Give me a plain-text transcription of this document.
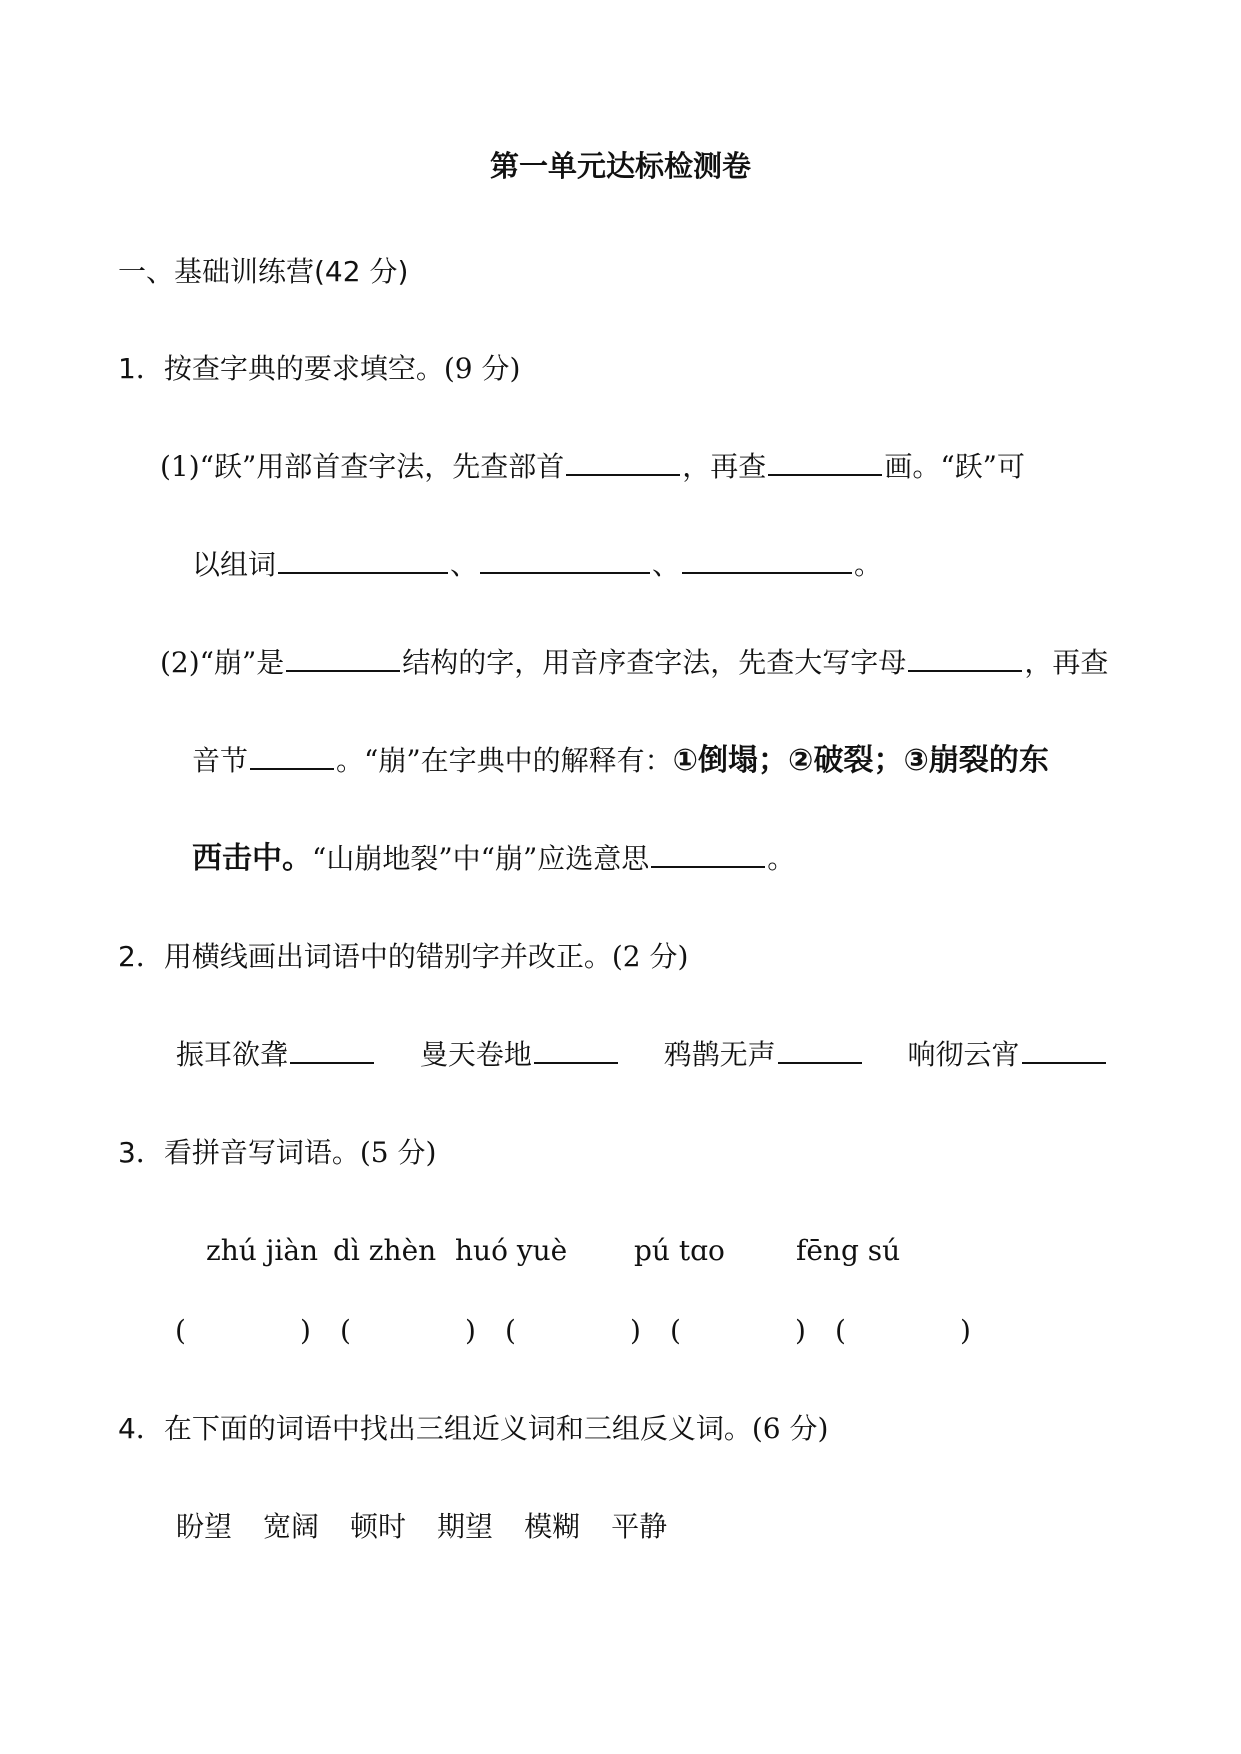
第一单元达标检测卷
一、基础训练营(42 分)
1．按查字典的要求填空。(9 分)
(1)“跃”用部首查字法，先查部首	，再查	画。“跃”可
以组词	、	、	。
(2)“崩”是	结构的字，用音序查字法，先查大写字母	，再查
音节	。“崩”在字典中的解释有：①倒塌；②破裂；③崩裂的东
西击中。“山崩地裂”中“崩”应选意思	。
2．用横线画出词语中的错别字并改正。(2 分)
振耳欲聋	曼天卷地	鸦鹊无声	响彻云宵
3．看拼音写词语。(5 分)
zhú jiàn dì zhèn huó yuè pú tɑo	fēng sú
(	) (	) (	) (	) (	)
4．在下面的词语中找出三组近义词和三组反义词。(6 分)
盼望 宽阔 顿时 期望 模糊 平静
